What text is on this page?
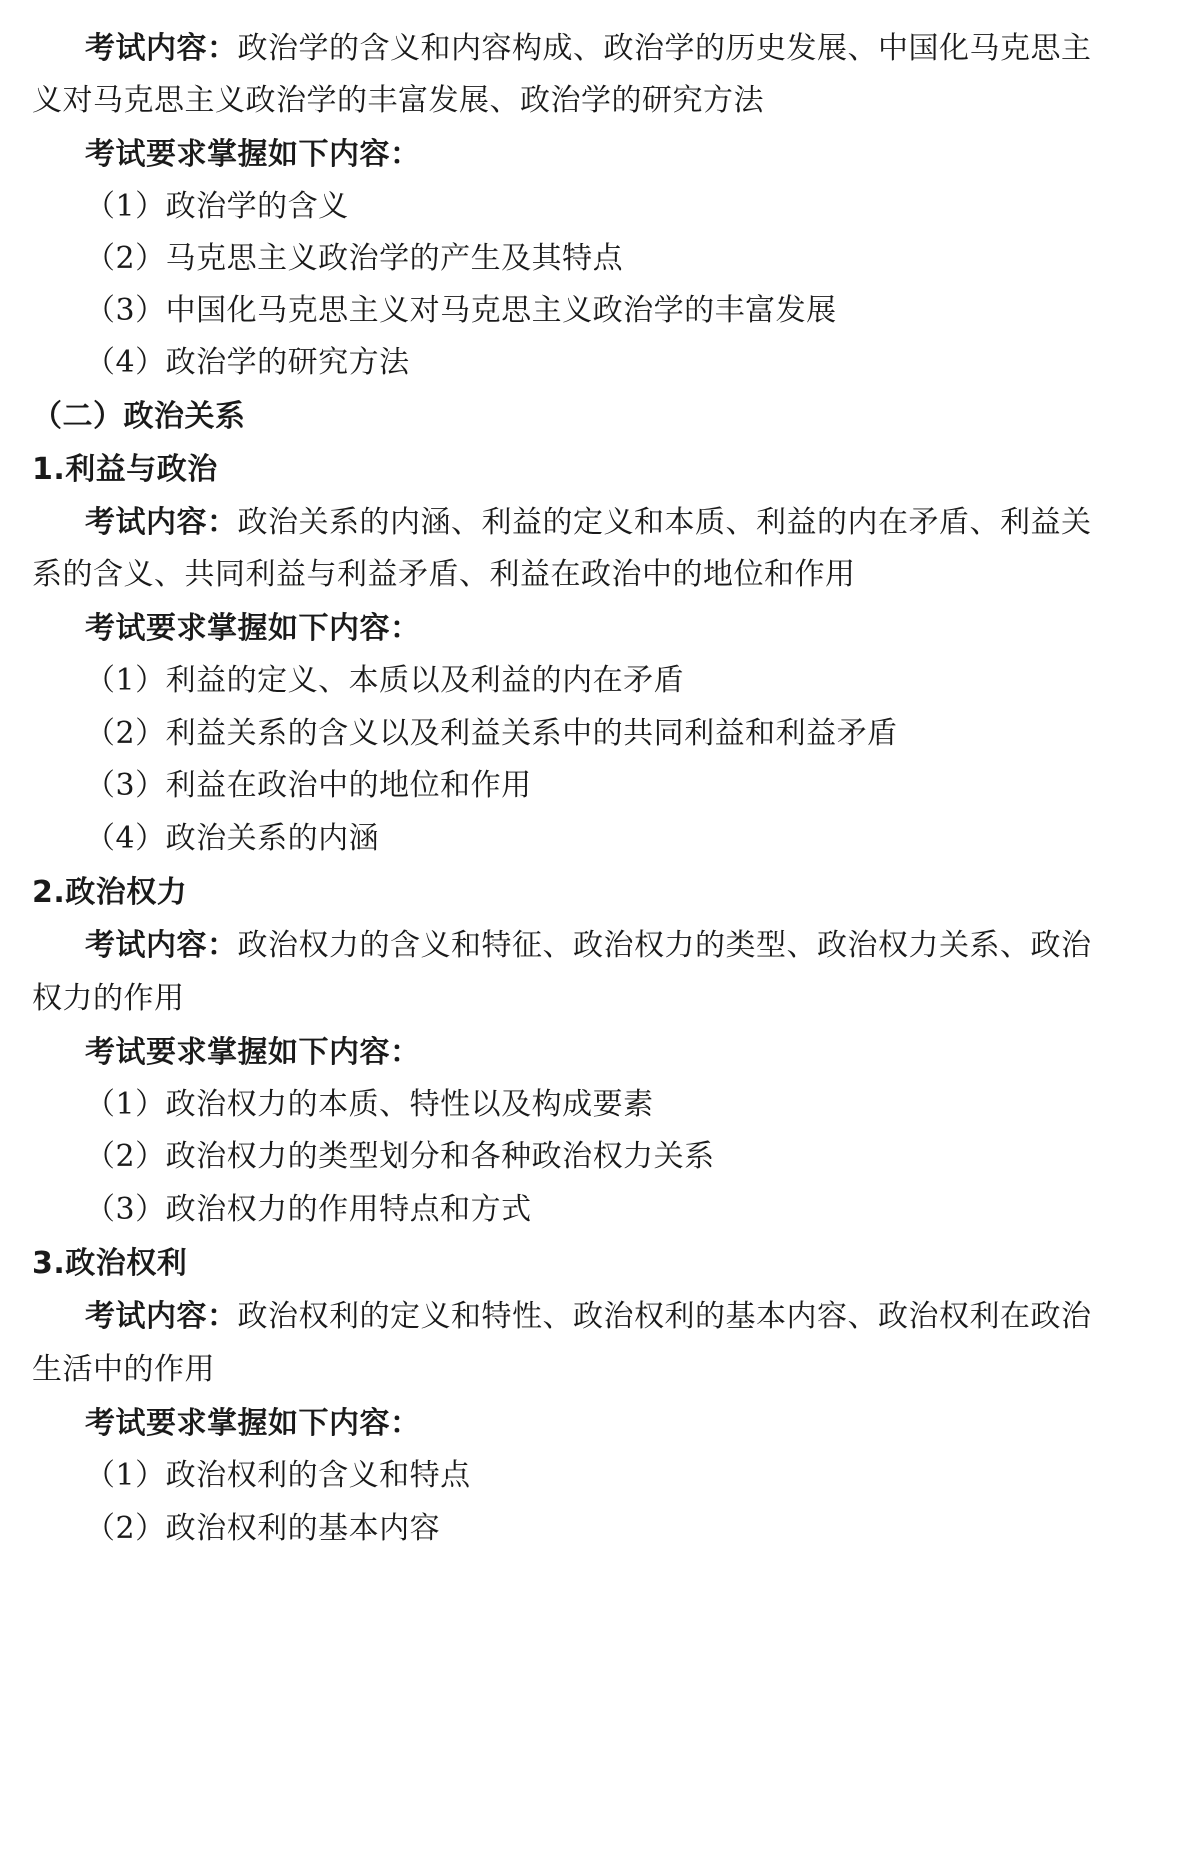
考试内容：政治学的含义和内容构成、政治学的历史发展、中国化马克思主
义对马克思主义政治学的丰富发展、政治学的研究方法
考试要求掌握如下内容：
（1）政治学的含义
（2）马克思主义政治学的产生及其特点
（3）中国化马克思主义对马克思主义政治学的丰富发展
（4）政治学的研究方法
（二）政治关系
1.利益与政治
考试内容：政治关系的内涵、利益的定义和本质、利益的内在矛盾、利益关
系的含义、共同利益与利益矛盾、利益在政治中的地位和作用
考试要求掌握如下内容：
（1）利益的定义、本质以及利益的内在矛盾
（2）利益关系的含义以及利益关系中的共同利益和利益矛盾
（3）利益在政治中的地位和作用
（4）政治关系的内涵
2.政治权力
考试内容：政治权力的含义和特征、政治权力的类型、政治权力关系、政治
权力的作用
考试要求掌握如下内容：
（1）政治权力的本质、特性以及构成要素
（2）政治权力的类型划分和各种政治权力关系
（3）政治权力的作用特点和方式
3.政治权利
考试内容：政治权利的定义和特性、政治权利的基本内容、政治权利在政治
生活中的作用
考试要求掌握如下内容：
（1）政治权利的含义和特点
（2）政治权利的基本内容
